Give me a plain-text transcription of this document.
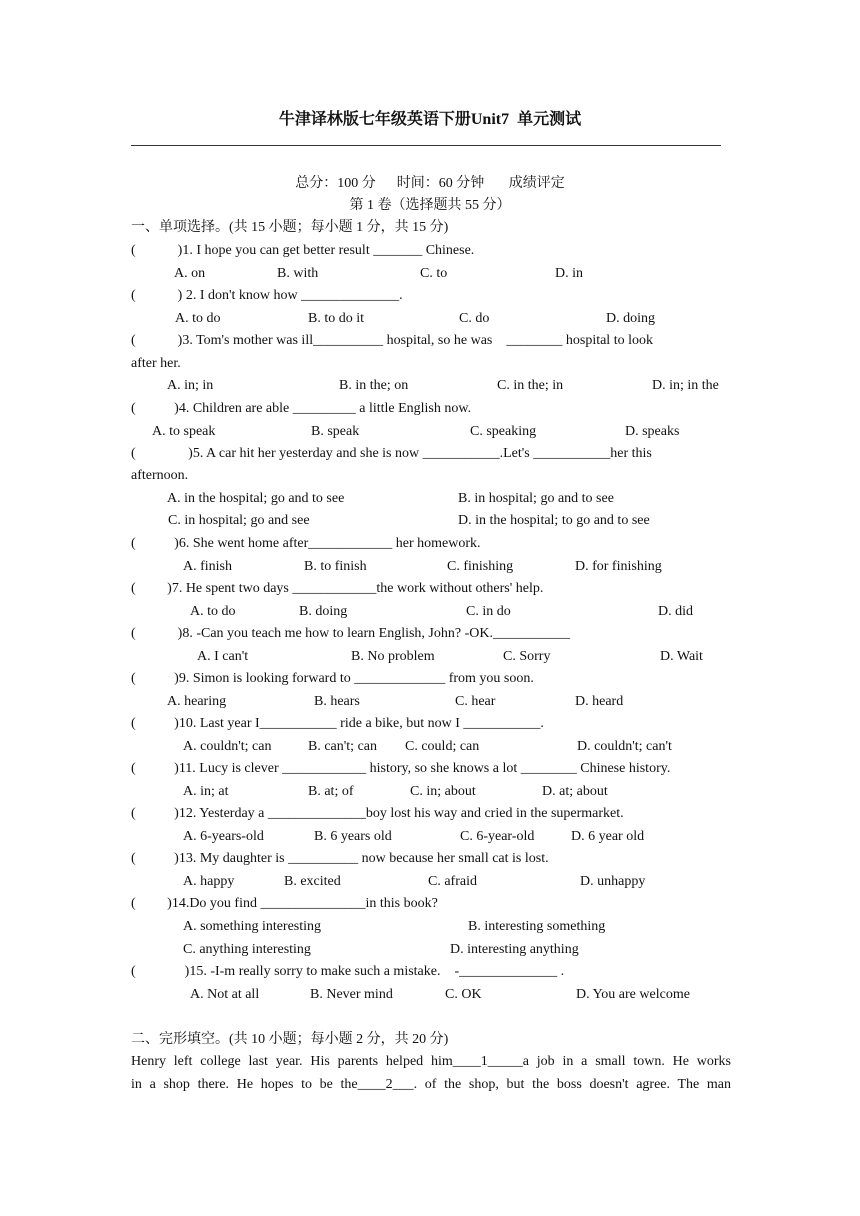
牛津译林版七年级英语下册Unit7  单元测试
总分：100 分      时间：60 分钟       成绩评定
第 1 卷（选择题共 55 分）
一、单项选择。(共 15 小题；每小题 1 分，共 15 分)
(            )1. I hope you can get better result _______ Chinese.
A. on	B. with	C. to	D. in
(            ) 2. I don't know how ______________.
A. to do	B. to do it	C. do	D. doing
(            )3. Tom's mother was ill__________ hospital, so he was    ________ hospital to look
after her.
A. in; in	B. in the; on	C. in the; in	D. in; in the
(           )4. Children are able _________ a little English now.
A. to speak	B. speak	C. speaking	D. speaks
(               )5. A car hit her yesterday and she is now ___________.Let's ___________her this
afternoon.
A. in the hospital; go and to see	B. in hospital; go and to see
C. in hospital; go and see	D. in the hospital; to go and to see
(           )6. She went home after____________ her homework.
A. finish	B. to finish	C. finishing	D. for finishing
(         )7. He spent two days ____________the work without others' help.
A. to do	B. doing	C. in do	D. did
(            )8. -Can you teach me how to learn English, John? -OK.___________
A. I can't	B. No problem	C. Sorry	D. Wait
(           )9. Simon is looking forward to _____________ from you soon.
A. hearing	B. hears	C. hear	D. heard
(           )10. Last year I___________ ride a bike, but now I ___________.
A. couldn't; can	B. can't; can C. could; can	D. couldn't; can't
(           )11. Lucy is clever ____________ history, so she knows a lot ________ Chinese history.
A. in; at	B. at; of	C. in; about	D. at; about
(           )12. Yesterday a ______________boy lost his way and cried in the supermarket.
A. 6-years-old	B. 6 years old	C. 6-year-old	D. 6 year old
(           )13. My daughter is __________ now because her small cat is lost.
A. happy	B. excited	C. afraid	D. unhappy
(         )14.Do you find _______________in this book?
A. something interesting	B. interesting something
C. anything interesting	D. interesting anything
(              )15. -I-m really sorry to make such a mistake.    -______________ .
A. Not at all	B. Never mind	C. OK	D. You are welcome
二、完形填空。(共 10 小题；每小题 2 分，共 20 分)
Henry left college last year. His parents helped him____1_____a job in a small town. He works
in a shop there. He hopes to be the____2___. of the shop, but the boss doesn't agree. The man
